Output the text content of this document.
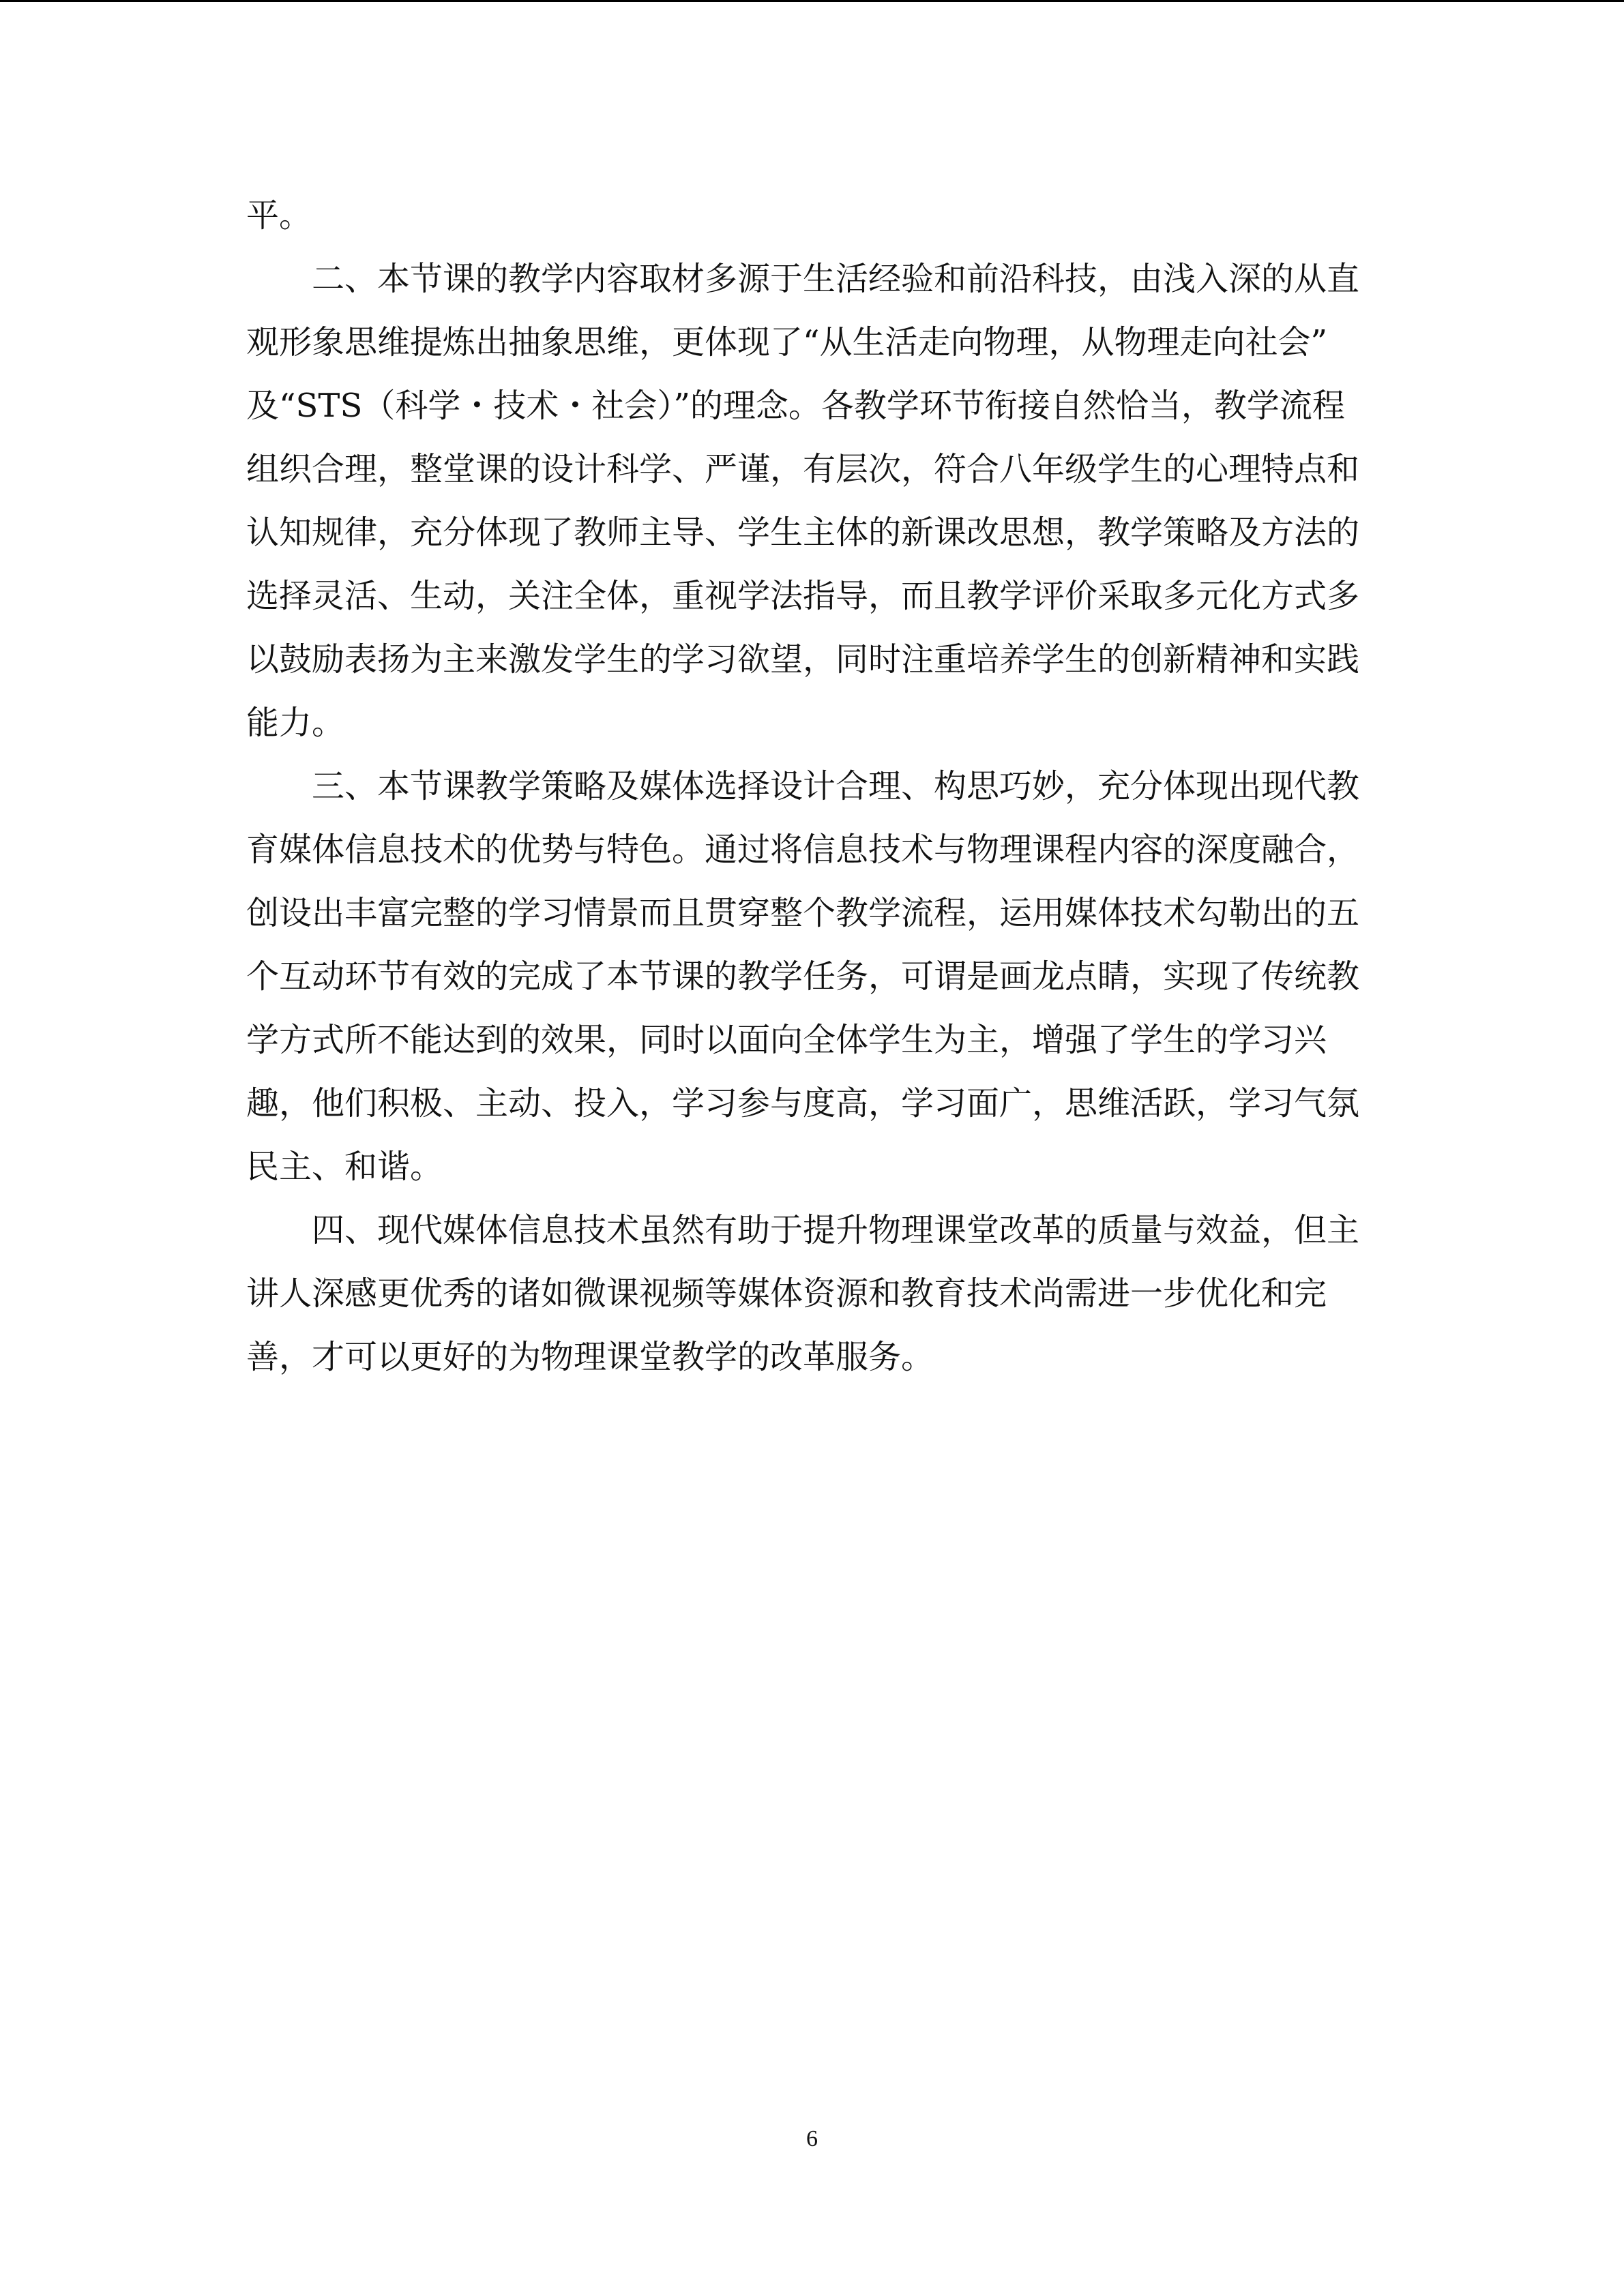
平。
　　二、本节课的教学内容取材多源于生活经验和前沿科技，由浅入深的从直
观形象思维提炼出抽象思维，更体现了“从生活走向物理，从物理走向社会”
及“STS（科学・技术・社会）”的理念。各教学环节衔接自然恰当，教学流程
组织合理，整堂课的设计科学、严谨，有层次，符合八年级学生的心理特点和
认知规律，充分体现了教师主导、学生主体的新课改思想，教学策略及方法的
选择灵活、生动，关注全体，重视学法指导，而且教学评价采取多元化方式多
以鼓励表扬为主来激发学生的学习欲望，同时注重培养学生的创新精神和实践
能力。
　　三、本节课教学策略及媒体选择设计合理、构思巧妙，充分体现出现代教
育媒体信息技术的优势与特色。通过将信息技术与物理课程内容的深度融合，
创设出丰富完整的学习情景而且贯穿整个教学流程，运用媒体技术勾勒出的五
个互动环节有效的完成了本节课的教学任务，可谓是画龙点睛，实现了传统教
学方式所不能达到的效果，同时以面向全体学生为主，增强了学生的学习兴
趣，他们积极、主动、投入，学习参与度高，学习面广，思维活跃，学习气氛
民主、和谐。
　　四、现代媒体信息技术虽然有助于提升物理课堂改革的质量与效益，但主
讲人深感更优秀的诸如微课视频等媒体资源和教育技术尚需进一步优化和完
善，才可以更好的为物理课堂教学的改革服务。
6
